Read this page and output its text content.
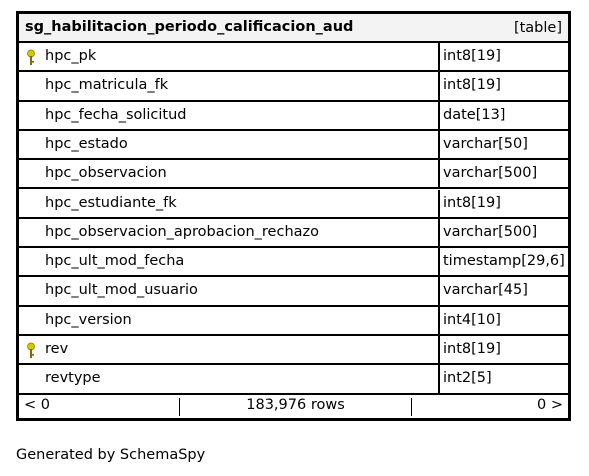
sg_habilitacion_periodo_calificacion_aud	[table]
hpc_pk	int8[19]
hpc_matricula_fk	int8[19]
hpc_fecha_solicitud	date[13]
hpc_estado	varchar[50]
hpc_observacion	varchar[500]
hpc_estudiante_fk	int8[19]
hpc_observacion_aprobacion_rechazo	varchar[500]
hpc_ult_mod_fecha	timestamp[29,6]
hpc_ult_mod_usuario	varchar[45]
hpc_version	int4[10]
rev	int8[19]
revtype	int2[5]
< 0	183,976 rows	0 >
Generated by SchemaSpy
